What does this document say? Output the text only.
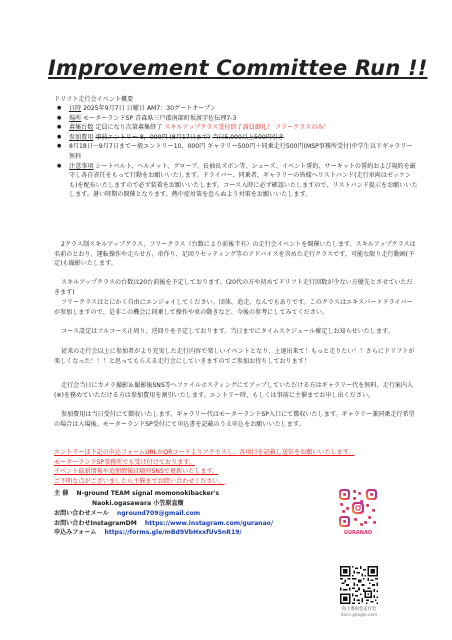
Improvement Committee Run !!
ドリフト走行会イベント概要
● 日時 2025年9月7日 日曜日 AM7：30ゲートオープン
● 場所 モーターランドSP 青森県三戸郡南部町坂渡字佐伝理7-3
● 募集台数 定員になり次第募集終了 スキルアップクラス受付終了満員御礼！ フリークラスのみ！
● 参加費用 事前エントリー 8，000円 (8月17日まで) 当日5,000以上500円引き
● 8月18日～9月7日までー般エントリー10，000円 ギャラリー500円＋同乗走行500円(MSP事務所受付)中学生以下ギャラリー無料
● 注意事項 シートベルト、ヘルメット、グローブ、長袖長ズボン等、シューズ、イベント誓約、サーキットの誓約および規約を厳守し各自責任をもって行動をお願いいたします。ドライバー、同乗者、ギャラリーの皆様へリストバンド(走行車両はゼッケンも)を配布いたしますので必ず装着をお願いいたします。コース入時に必ず確認いたしますので、リストバンド提示をお願いいたします。暑い時期の開催となります、熱中症対策を怠らぬよう対策をお願いいたします。
2クラス制スキルアップクラス、フリークラス（台数により前後半有）の走行会イベントを開催いたします。スキルアップクラスは名前のとおり、運転操作や走らせ方、車作り、足回りセッティング等のアドバイスを含めた走行クラスです。可能な限り走行動画(予定)も撮影いたします。
スキルアップクラスの台数は20台前後を予定しております。(20代の方や初めてドリフト走行回数が少ない方優先とさせていただきます)
フリークラスはとにかく自由にエンジョイしてください。団体、追走、なんでもありです。このクラスはエキスパートドライバーが参加しますので、是非この機会に同乗して操作や車の動きなど、今後の参考にしてみてください。
コース設定はフルコース正周り、逆回りを予定しております。当日までにタイムスケジュール確定しお知らせいたします。
従来の走行会以上に参加者がより充実した走行内容で楽しいイベントとなり、上達出来て！もっと走りたい！！さらにドリフトが楽しくなった！！！と思ってもらえる走行会にしていきますのでご参加お待ちしております！
走行会当日にカメラ撮影＆撮影後SNS等へファイルホスティングにてアップしていただける方はギャラリー代を無料、走行案内人(※)を務めていただける方は参加費用を割引いたします。エントリー時、もしくは事前に主催までお申し出ください。
参加費用は当日受付にて徴収いたします。ギャラリー代はモーターランドSP入口にて徴収いたします。ギャラリー兼同乗走行希望の場合は入場後、モーターランドSP受付にて申込書を記載のうえ申込をお願いいたします。
エントリーは下記の申込フォームURLかQRコードよりアクセスし、各項目を記載し送信をお願いいたします。
モーターランドSP事務所でも受け付けております。
イベント最新情報や追加情報は随時SNSで更新いたします。
ご不明な点がございましたら主催までお問い合わせください。
主 催 N-ground TEAM signal momonokibacker's
Naoki.ogasawara 小笠原直樹
お問い合わせメール nground709@gmail.com
お問い合わせInstagramDM https://www.instagram.com/guranao/
申込みフォーム https://forms.gle/mBd9VbHxxfUv5nR19/	GURANAO
向上委員会走行会
docs.google.com
